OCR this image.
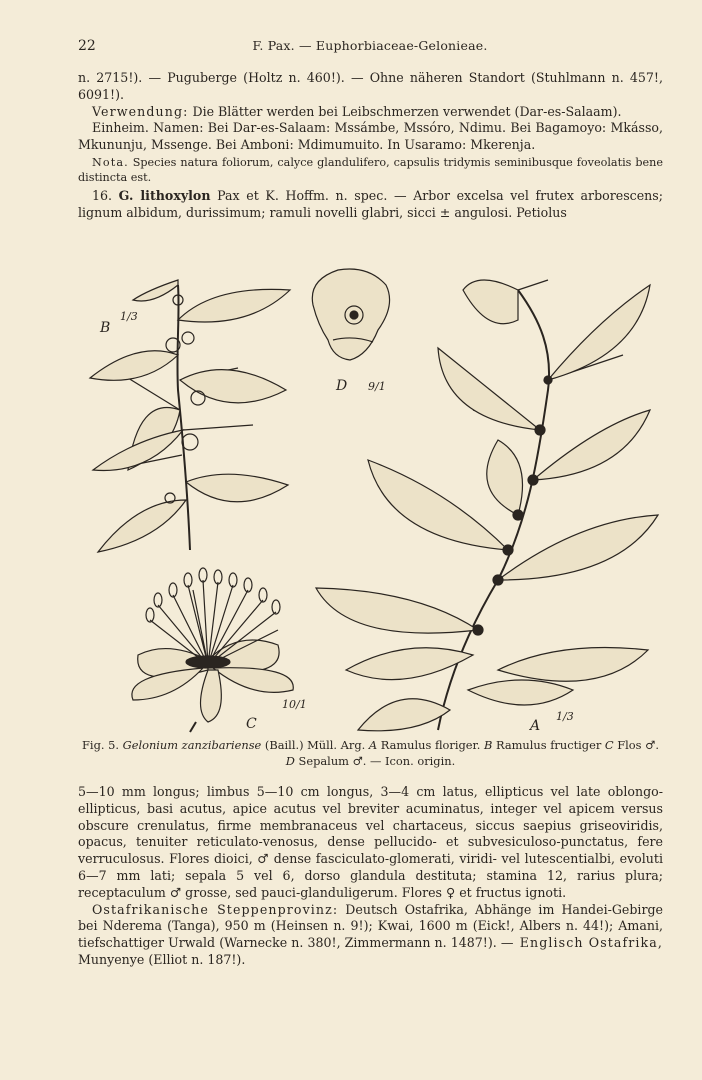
22	F. Pax. — Euphorbiaceae-Gelonieae.

n. 2715!). — Puguberge (Holtz n. 460!). — Ohne näheren Standort (Stuhlmann n. 457!, 6091!).

Verwendung: Die Blätter werden bei Leibschmerzen verwendet (Dar-es-Salaam).

Einheim. Namen: Bei Dar-es-Salaam: Mssámbe, Mssóro, Ndimu. Bei Bagamoyo: Mkásso, Mkununju, Mssenge. Bei Amboni: Mdimumuito. In Usaramo: Mkerenja.

Nota. Species natura foliorum, calyce glandulifero, capsulis tridymis seminibusque foveolatis bene distincta est.

16. G. lithoxylon Pax et K. Hoffm. n. spec. — Arbor excelsa vel frutex arborescens; lignum albidum, durissimum; ramuli novelli glabri, sicci ± angulosi. Petiolus

B
1/3
D 9/1
C
10/1
A
1/3
Fig. 5. Gelonium zanzibariense (Baill.) Müll. Arg. A Ramulus floriger. B Ramulus fructiger C Flos ♂. D Sepalum ♂. — Icon. origin.

5—10 mm longus; limbus 5—10 cm longus, 3—4 cm latus, ellipticus vel late oblongo-ellipticus, basi acutus, apice acutus vel breviter acuminatus, integer vel apicem versus obscure crenulatus, firme membranaceus vel chartaceus, siccus saepius griseoviridis, opacus, tenuiter reticulato-venosus, dense pellucido- et subvesiculoso-punctatus, fere verruculosus. Flores dioici, ♂ dense fasciculato-glomerati, viridi- vel lutescentialbi, evoluti 6—7 mm lati; sepala 5 vel 6, dorso glandula destituta; stamina 12, rarius plura; receptaculum ♂ grosse, sed pauci-glanduligerum. Flores ♀ et fructus ignoti.

Ostafrikanische Steppenprovinz: Deutsch Ostafrika, Abhänge im Handei-Gebirge bei Nderema (Tanga), 950 m (Heinsen n. 9!); Kwai, 1600 m (Eick!, Albers n. 44!); Amani, tiefschattiger Urwald (Warnecke n. 380!, Zimmermann n. 1487!). — Englisch Ostafrika, Munyenye (Elliot n. 187!).
